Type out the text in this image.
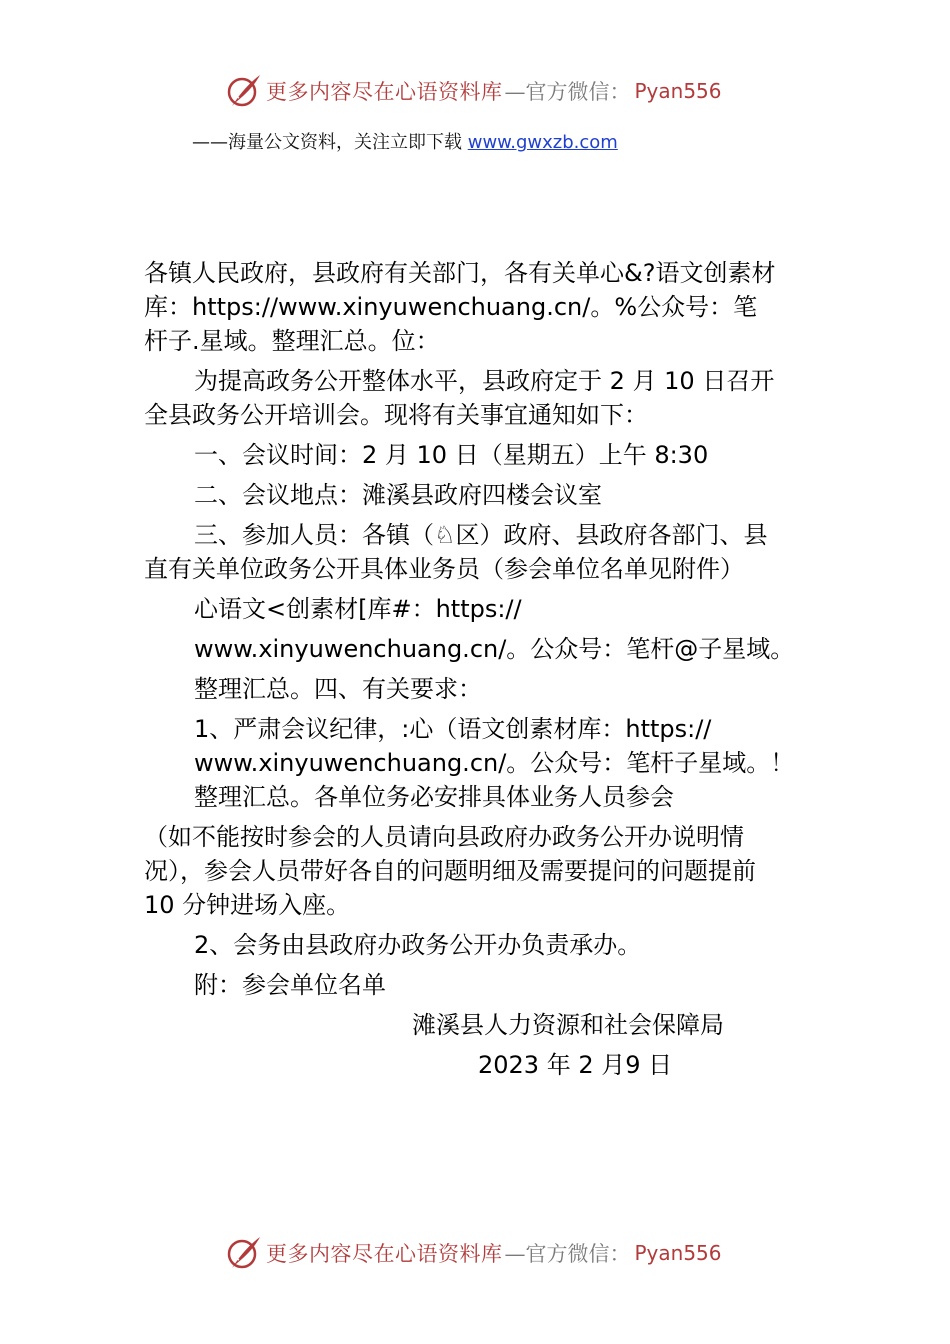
更多内容尽在心语资料库 —官方微信： Pyan556
——海量公文资料，关注立即下载 www.gwxzb.com
各镇人民政府，县政府有关部门，各有关单心&?语文创素材
库：https://www.xinyuwenchuang.cn/。%公众号：笔
杆子.星域。整理汇总。位：
为提高政务公开整体水平，县政府定于 2 月 10 日召开
全县政务公开培训会。现将有关事宜通知如下：
一、会议时间：2 月 10 日（星期五）上午 8:30
二、会议地点：滩溪县政府四楼会议室
三、参加人员：各镇（♘区）政府、县政府各部门、县
直有关单位政务公开具体业务员（参会单位名单见附件）
心语文<创素材[库#：https://
www.xinyuwenchuang.cn/。公众号：笔杆@子星域。
整理汇总。四、有关要求：
1、严肃会议纪律，:心（语文创素材库：https://
www.xinyuwenchuang.cn/。公众号：笔杆子星域。！
整理汇总。各单位务必安排具体业务人员参会
（如不能按时参会的人员请向县政府办政务公开办说明情
况），参会人员带好各自的问题明细及需要提问的问题提前
10 分钟进场入座。
2、会务由县政府办政务公开办负责承办。
附：参会单位名单
滩溪县人力资源和社会保障局
2023 年 2 月9 日
更多内容尽在心语资料库 —官方微信： Pyan556
